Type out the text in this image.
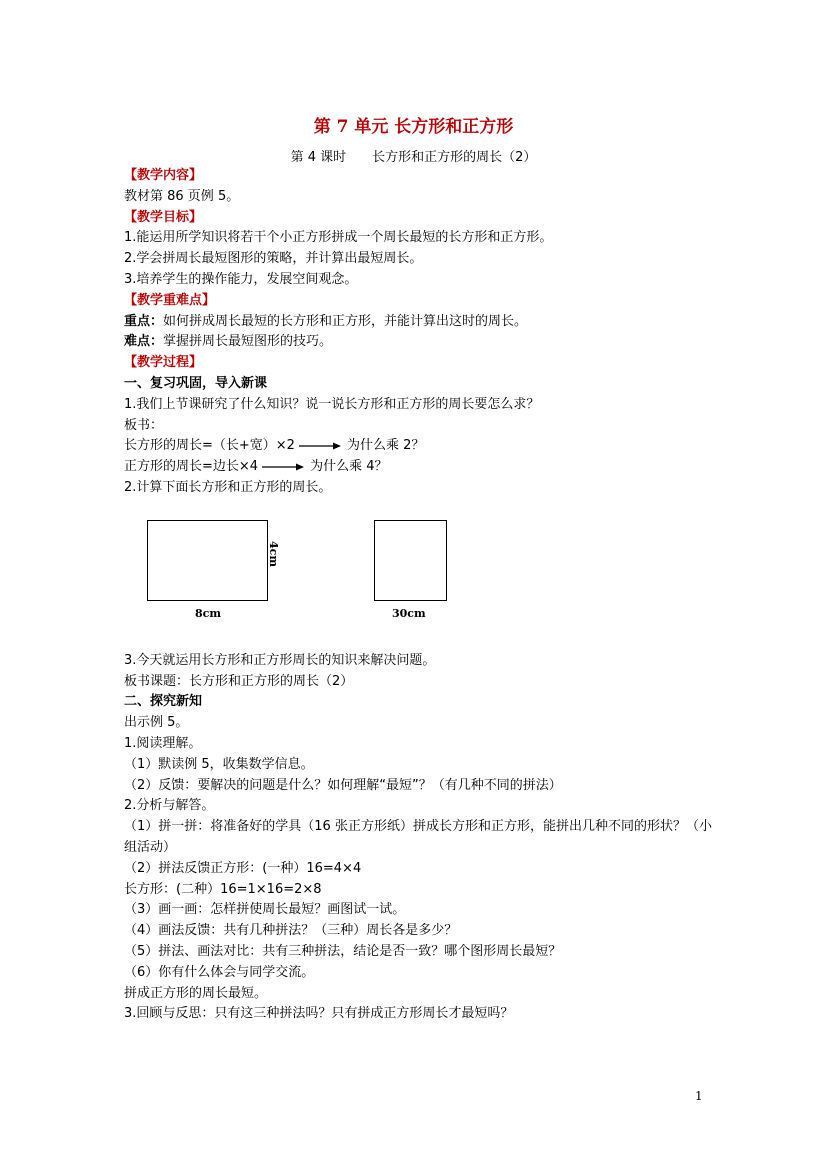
第 7 单元 长方形和正方形
第 4 课时 长方形和正方形的周长（2）
【教学内容】
教材第 86 页例 5。
【教学目标】
1.能运用所学知识将若干个小正方形拼成一个周长最短的长方形和正方形。
2.学会拼周长最短图形的策略，并计算出最短周长。
3.培养学生的操作能力，发展空间观念。
【教学重难点】
重点：如何拼成周长最短的长方形和正方形，并能计算出这时的周长。
难点：掌握拼周长最短图形的技巧。
【教学过程】
一、复习巩固，导入新课
1.我们上节课研究了什么知识？说一说长方形和正方形的周长要怎么求？
板书：
长方形的周长=（长+宽）×2	为什么乘 2？
正方形的周长=边长×4	为什么乘 4？
2.计算下面长方形和正方形的周长。
4cm
8cm	30cm
3.今天就运用长方形和正方形周长的知识来解决问题。
板书课题：长方形和正方形的周长（2）
二、探究新知
出示例 5。
1.阅读理解。
（1）默读例 5，收集数学信息。
（2）反馈：要解决的问题是什么？如何理解“最短”？（有几种不同的拼法）
2.分析与解答。
（1）拼一拼：将准备好的学具（16 张正方形纸）拼成长方形和正方形，能拼出几种不同的形状？（小组活动）
（2）拼法反馈正方形：(一种）16=4×4
长方形：(二种）16=1×16=2×8
（3）画一画：怎样拼使周长最短？画图试一试。
（4）画法反馈：共有几种拼法？（三种）周长各是多少？
（5）拼法、画法对比：共有三种拼法，结论是否一致？哪个图形周长最短？
（6）你有什么体会与同学交流。
拼成正方形的周长最短。
3.回顾与反思：只有这三种拼法吗？只有拼成正方形周长才最短吗？
1
